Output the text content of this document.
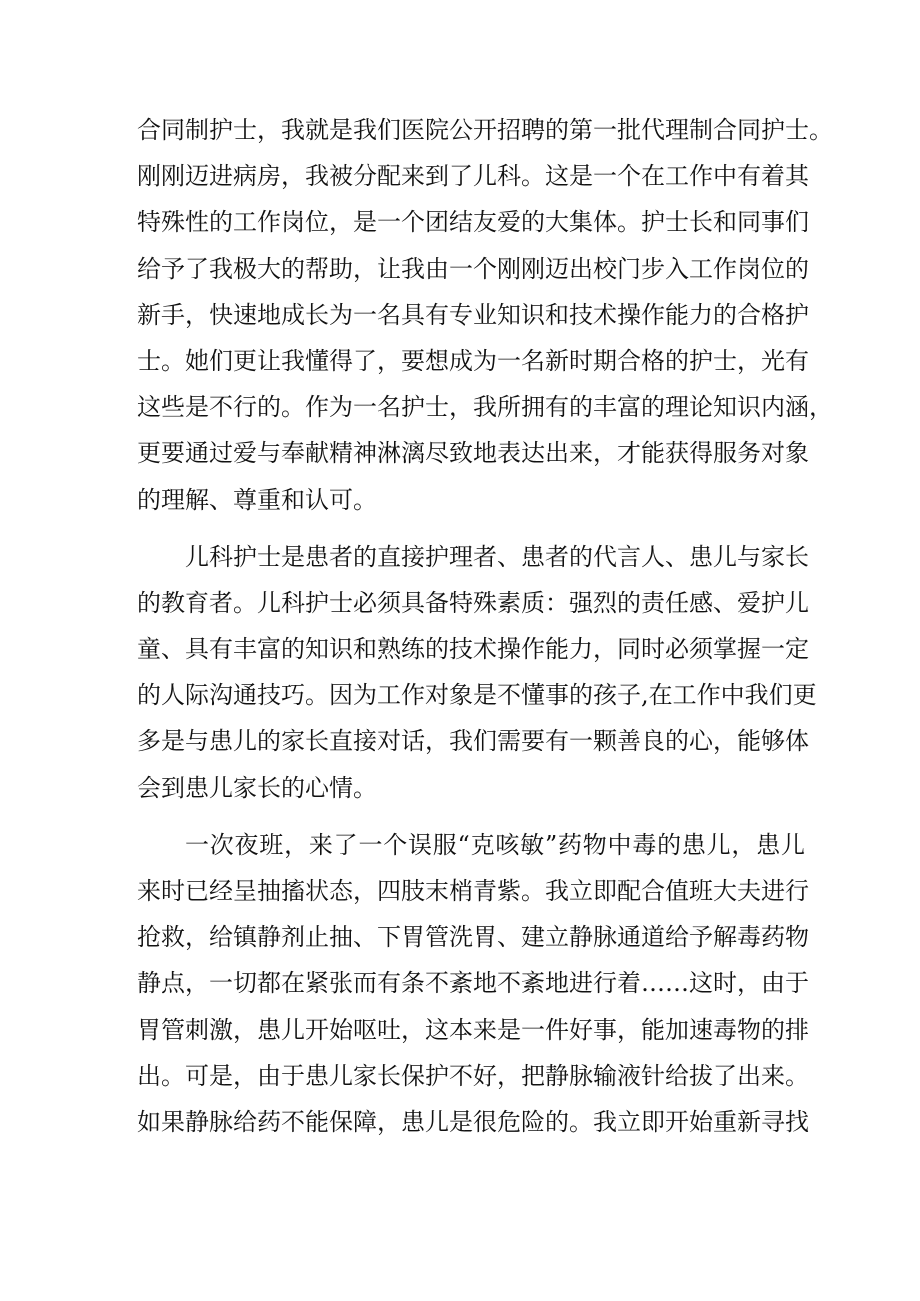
合同制护士，我就是我们医院公开招聘的第一批代理制合同护士。
刚刚迈进病房，我被分配来到了儿科。这是一个在工作中有着其
特殊性的工作岗位，是一个团结友爱的大集体。护士长和同事们
给予了我极大的帮助，让我由一个刚刚迈出校门步入工作岗位的
新手，快速地成长为一名具有专业知识和技术操作能力的合格护
士。她们更让我懂得了，要想成为一名新时期合格的护士，光有
这些是不行的。作为一名护士，我所拥有的丰富的理论知识内涵，
更要通过爱与奉献精神淋漓尽致地表达出来，才能获得服务对象
的理解、尊重和认可。
儿科护士是患者的直接护理者、患者的代言人、患儿与家长
的教育者。儿科护士必须具备特殊素质：强烈的责任感、爱护儿
童、具有丰富的知识和熟练的技术操作能力，同时必须掌握一定
的人际沟通技巧。因为工作对象是不懂事的孩子,在工作中我们更
多是与患儿的家长直接对话，我们需要有一颗善良的心，能够体
会到患儿家长的心情。
一次夜班，来了一个误服“克咳敏”药物中毒的患儿，患儿
来时已经呈抽搐状态，四肢末梢青紫。我立即配合值班大夫进行
抢救，给镇静剂止抽、下胃管洗胃、建立静脉通道给予解毒药物
静点，一切都在紧张而有条不紊地不紊地进行着……这时，由于
胃管刺激，患儿开始呕吐，这本来是一件好事，能加速毒物的排
出。可是，由于患儿家长保护不好，把静脉输液针给拔了出来。
如果静脉给药不能保障，患儿是很危险的。我立即开始重新寻找
